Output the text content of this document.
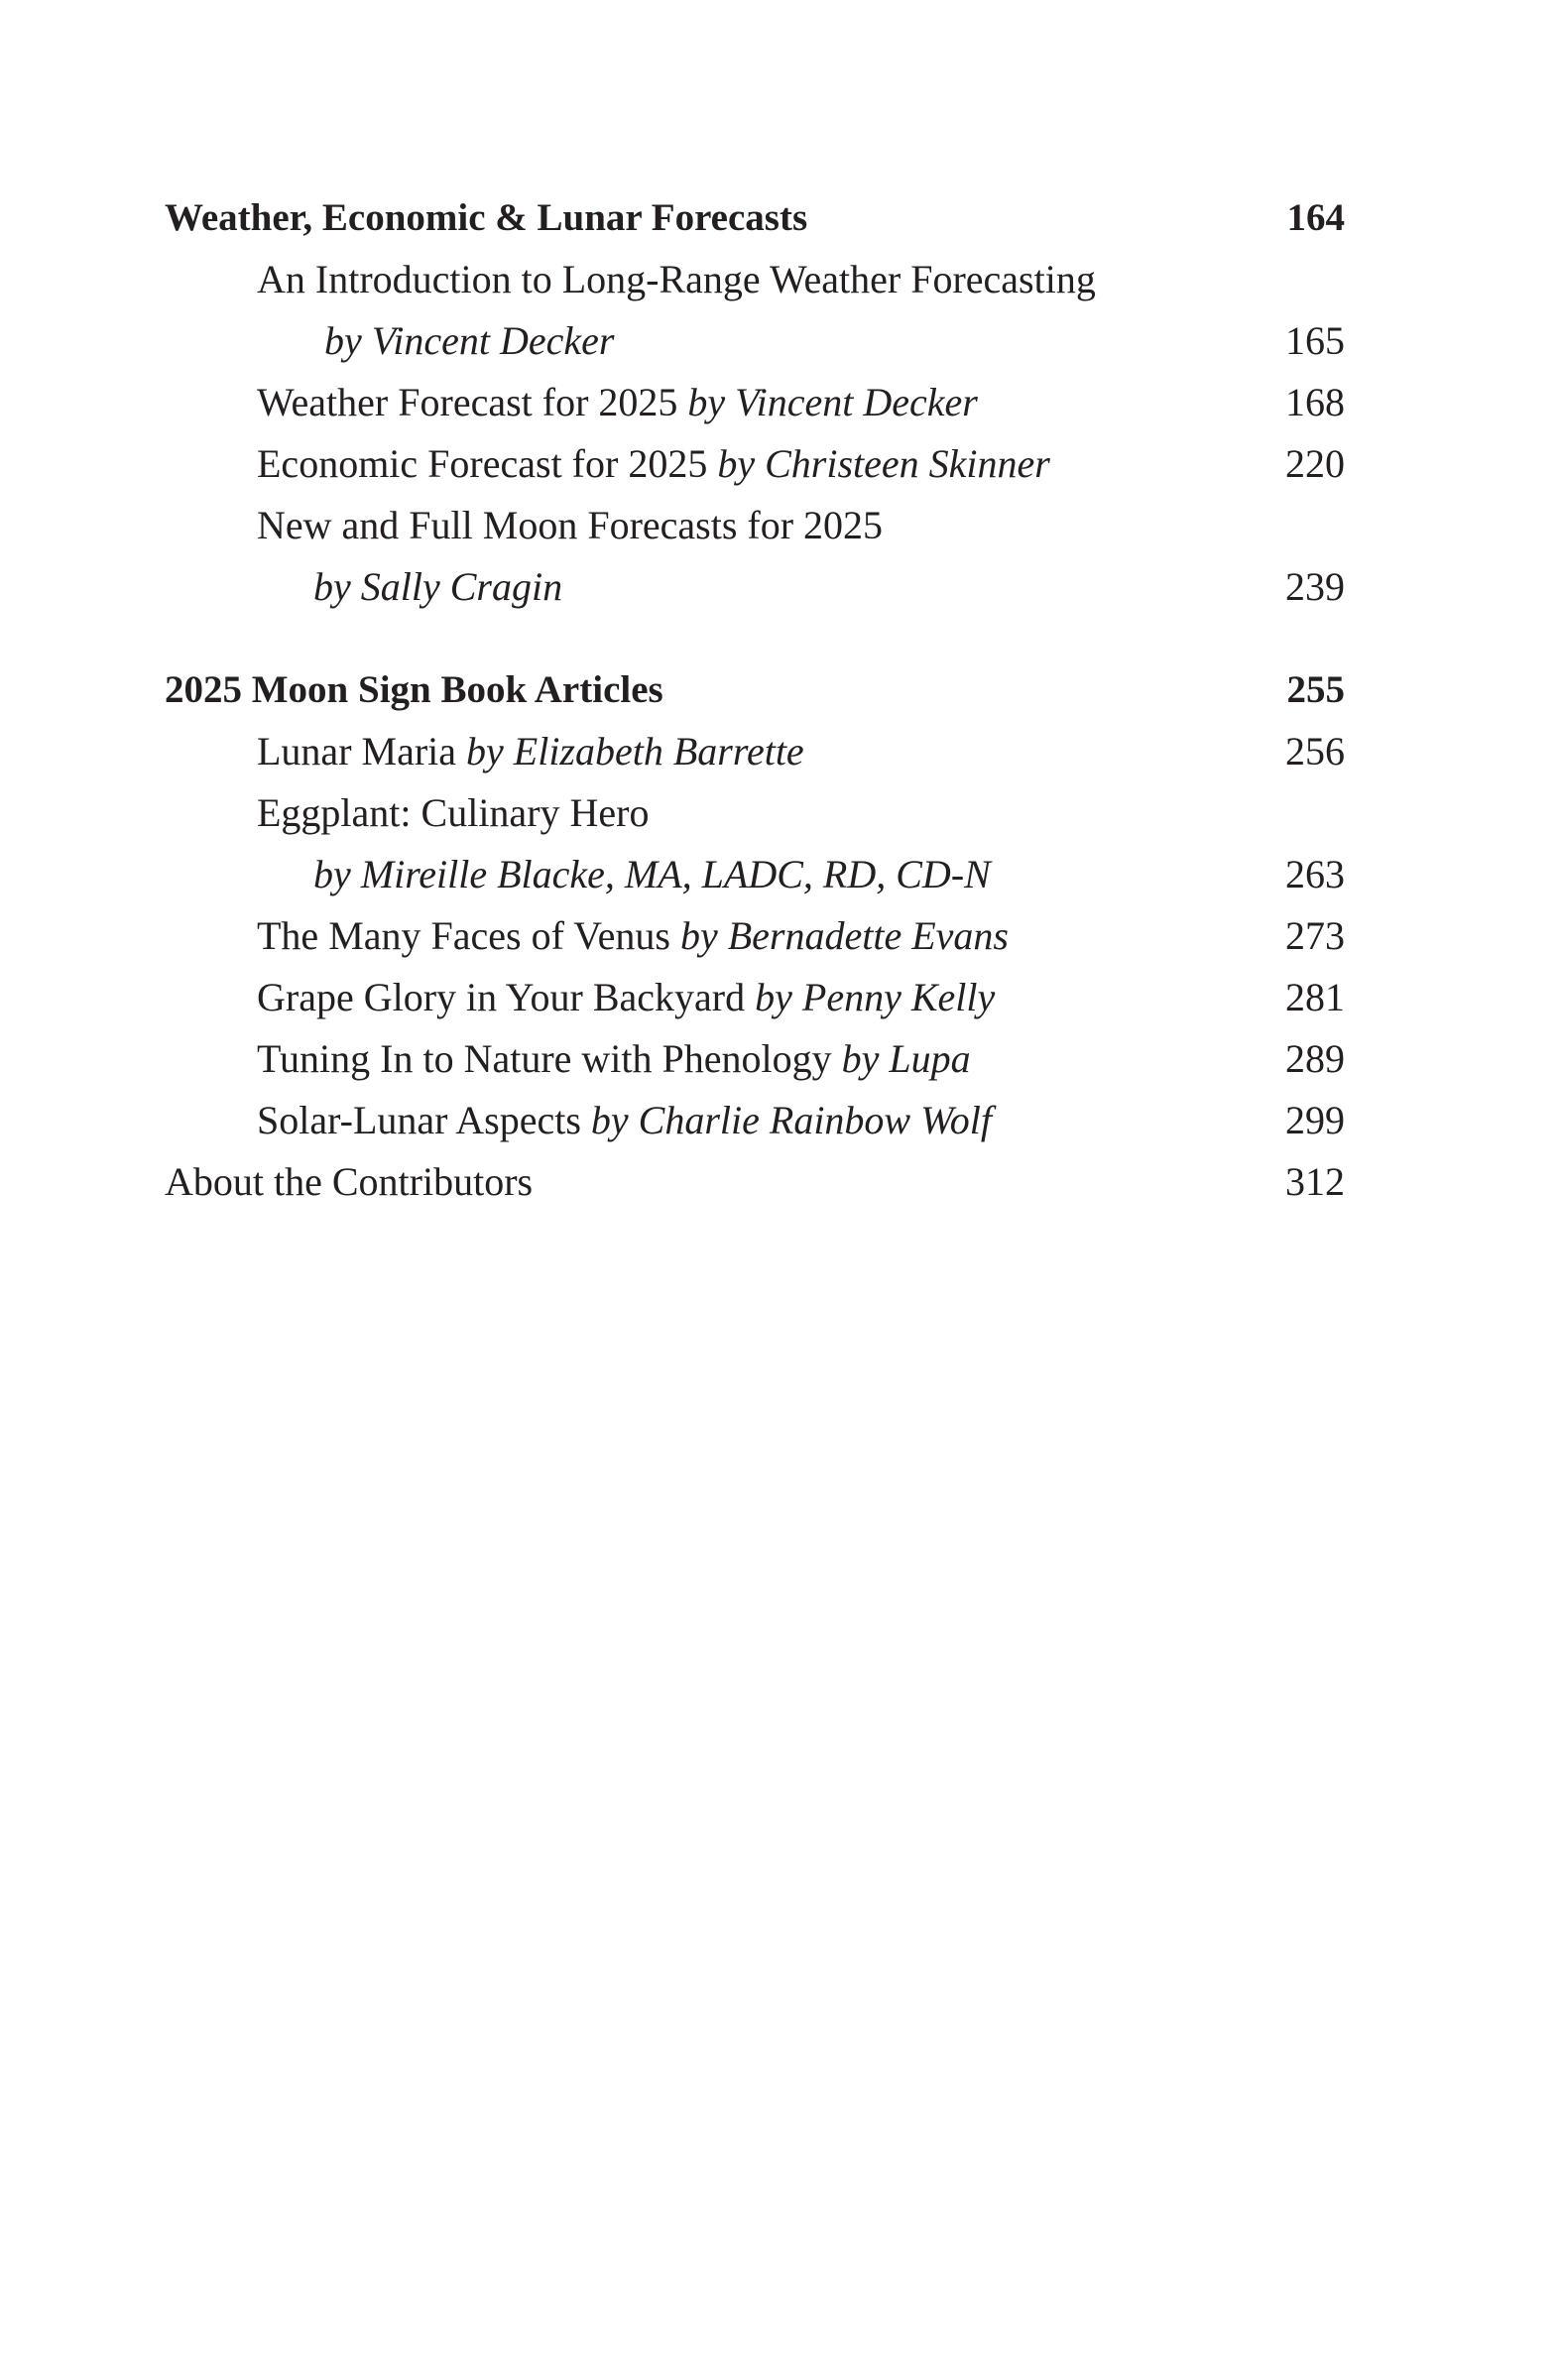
Weather, Economic & Lunar Forecasts	164
An Introduction to Long-Range Weather Forecasting
by Vincent Decker	165
Weather Forecast for 2025 by Vincent Decker	168
Economic Forecast for 2025 by Christeen Skinner	220
New and Full Moon Forecasts for 2025
by Sally Cragin	239
2025 Moon Sign Book Articles	255
Lunar Maria by Elizabeth Barrette	256
Eggplant: Culinary Hero
by Mireille Blacke, MA, LADC, RD, CD-N	263
The Many Faces of Venus by Bernadette Evans	273
Grape Glory in Your Backyard by Penny Kelly	281
Tuning In to Nature with Phenology by Lupa	289
Solar-Lunar Aspects by Charlie Rainbow Wolf	299
About the Contributors	312
